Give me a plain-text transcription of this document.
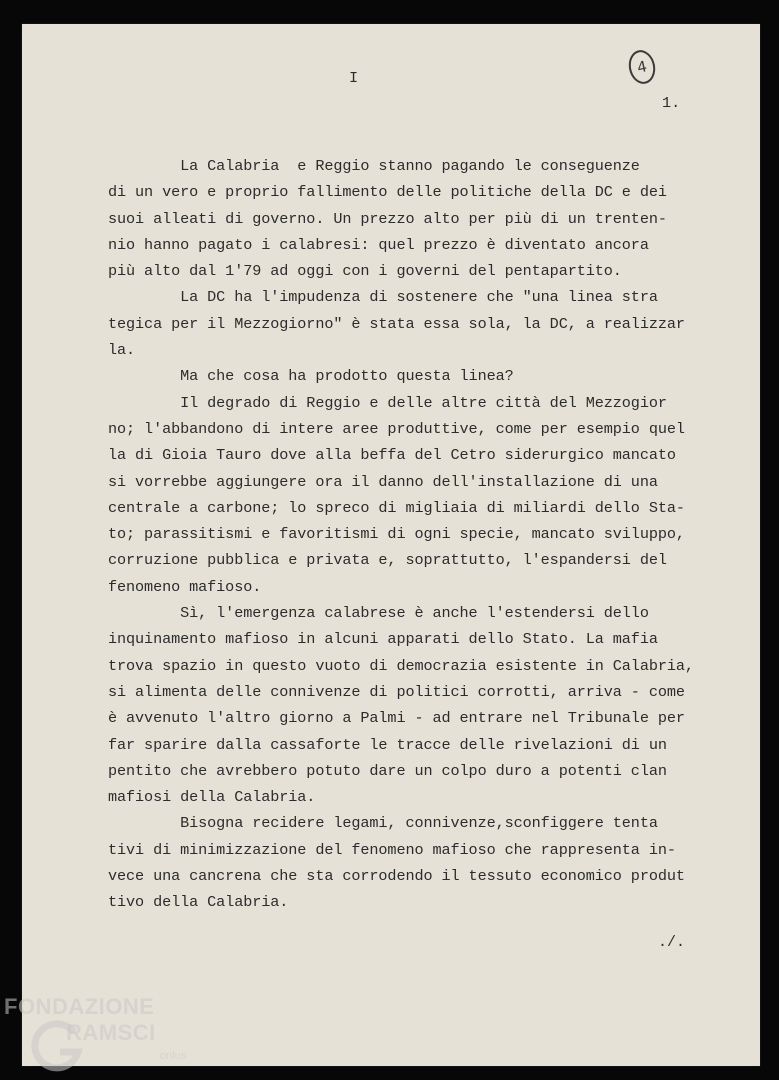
I
1.
4
La Calabria  e Reggio stanno pagando le conseguenze
di un vero e proprio fallimento delle politiche della DC e dei
suoi alleati di governo. Un prezzo alto per più di un trenten-
nio hanno pagato i calabresi: quel prezzo è diventato ancora
più alto dal 1'79 ad oggi con i governi del pentapartito.
La DC ha l'impudenza di sostenere che "una linea stra
tegica per il Mezzogiorno" è stata essa sola, la DC, a realizzar
la.
Ma che cosa ha prodotto questa linea?
Il degrado di Reggio e delle altre città del Mezzogior
no; l'abbandono di intere aree produttive, come per esempio quel
la di Gioia Tauro dove alla beffa del Cetro siderurgico mancato
si vorrebbe aggiungere ora il danno dell'installazione di una
centrale a carbone; lo spreco di migliaia di miliardi dello Sta-
to; parassitismi e favoritismi di ogni specie, mancato sviluppo,
corruzione pubblica e privata e, soprattutto, l'espandersi del
fenomeno mafioso.
Sì, l'emergenza calabrese è anche l'estendersi dello
inquinamento mafioso in alcuni apparati dello Stato. La mafia
trova spazio in questo vuoto di democrazia esistente in Calabria,
si alimenta delle connivenze di politici corrotti, arriva - come
è avvenuto l'altro giorno a Palmi - ad entrare nel Tribunale per
far sparire dalla cassaforte le tracce delle rivelazioni di un
pentito che avrebbero potuto dare un colpo duro a potenti clan
mafiosi della Calabria.
Bisogna recidere legami, connivenze,sconfiggere tenta
tivi di minimizzazione del fenomeno mafioso che rappresenta in-
vece una cancrena che sta corrodendo il tessuto economico produt
tivo della Calabria.
./.
FONDAZIONE
RAMSCI
onlus
